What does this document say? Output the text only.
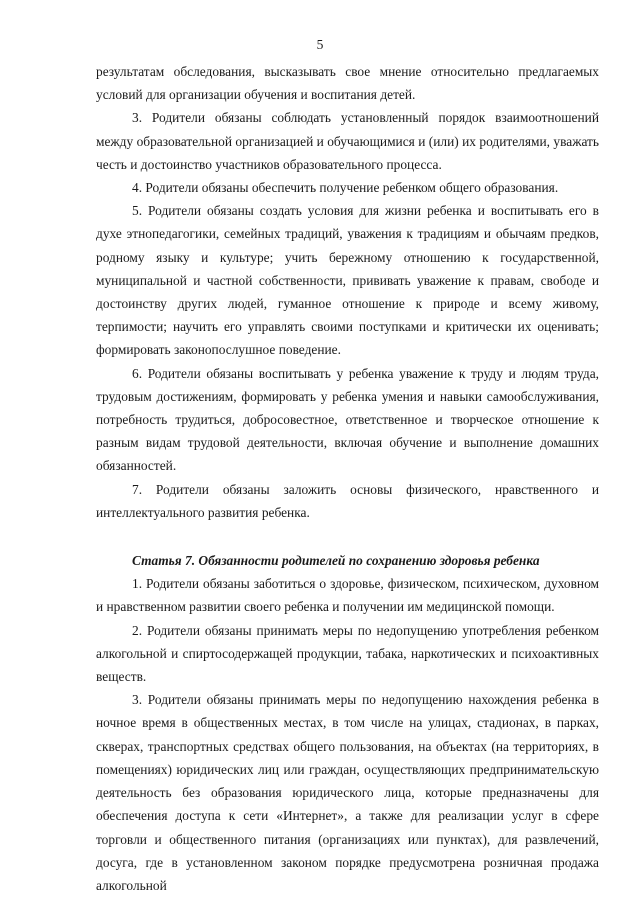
5

результатам обследования, высказывать свое мнение относительно предлагаемых условий для организации обучения и воспитания детей.

3. Родители обязаны соблюдать установленный порядок взаимоотношений между образовательной организацией и обучающимися и (или) их родителями, уважать честь и достоинство участников образовательного процесса.

4. Родители обязаны обеспечить получение ребенком общего образования.

5. Родители обязаны создать условия для жизни ребенка и воспитывать его в духе этнопедагогики, семейных традиций, уважения к традициям и обычаям предков, родному языку и культуре; учить бережному отношению к государственной, муниципальной и частной собственности, прививать уважение к правам, свободе и достоинству других людей, гуманное отношение к природе и всему живому, терпимости; научить его управлять своими поступками и критически их оценивать; формировать законопослушное поведение.

6. Родители обязаны воспитывать у ребенка уважение к труду и людям труда, трудовым достижениям, формировать у ребенка умения и навыки самообслуживания, потребность трудиться, добросовестное, ответственное и творческое отношение к разным видам трудовой деятельности, включая обучение и выполнение домашних обязанностей.

7. Родители обязаны заложить основы физического, нравственного и интеллектуального развития ребенка.

Статья 7. Обязанности родителей по сохранению здоровья ребенка

1. Родители обязаны заботиться о здоровье, физическом, психическом, духовном и нравственном развитии своего ребенка и получении им медицинской помощи.

2. Родители обязаны принимать меры по недопущению употребления ребенком алкогольной и спиртосодержащей продукции, табака, наркотических и психоактивных веществ.

3. Родители обязаны принимать меры по недопущению нахождения ребенка в ночное время в общественных местах, в том числе на улицах, стадионах, в парках, скверах, транспортных средствах общего пользования, на объектах (на территориях, в помещениях) юридических лиц или граждан, осуществляющих предпринимательскую деятельность без образования юридического лица, которые предназначены для обеспечения доступа к сети «Интернет», а также для реализации услуг в сфере торговли и общественного питания (организациях или пунктах), для развлечений, досуга, где в установленном законом порядке предусмотрена розничная продажа алкогольной
